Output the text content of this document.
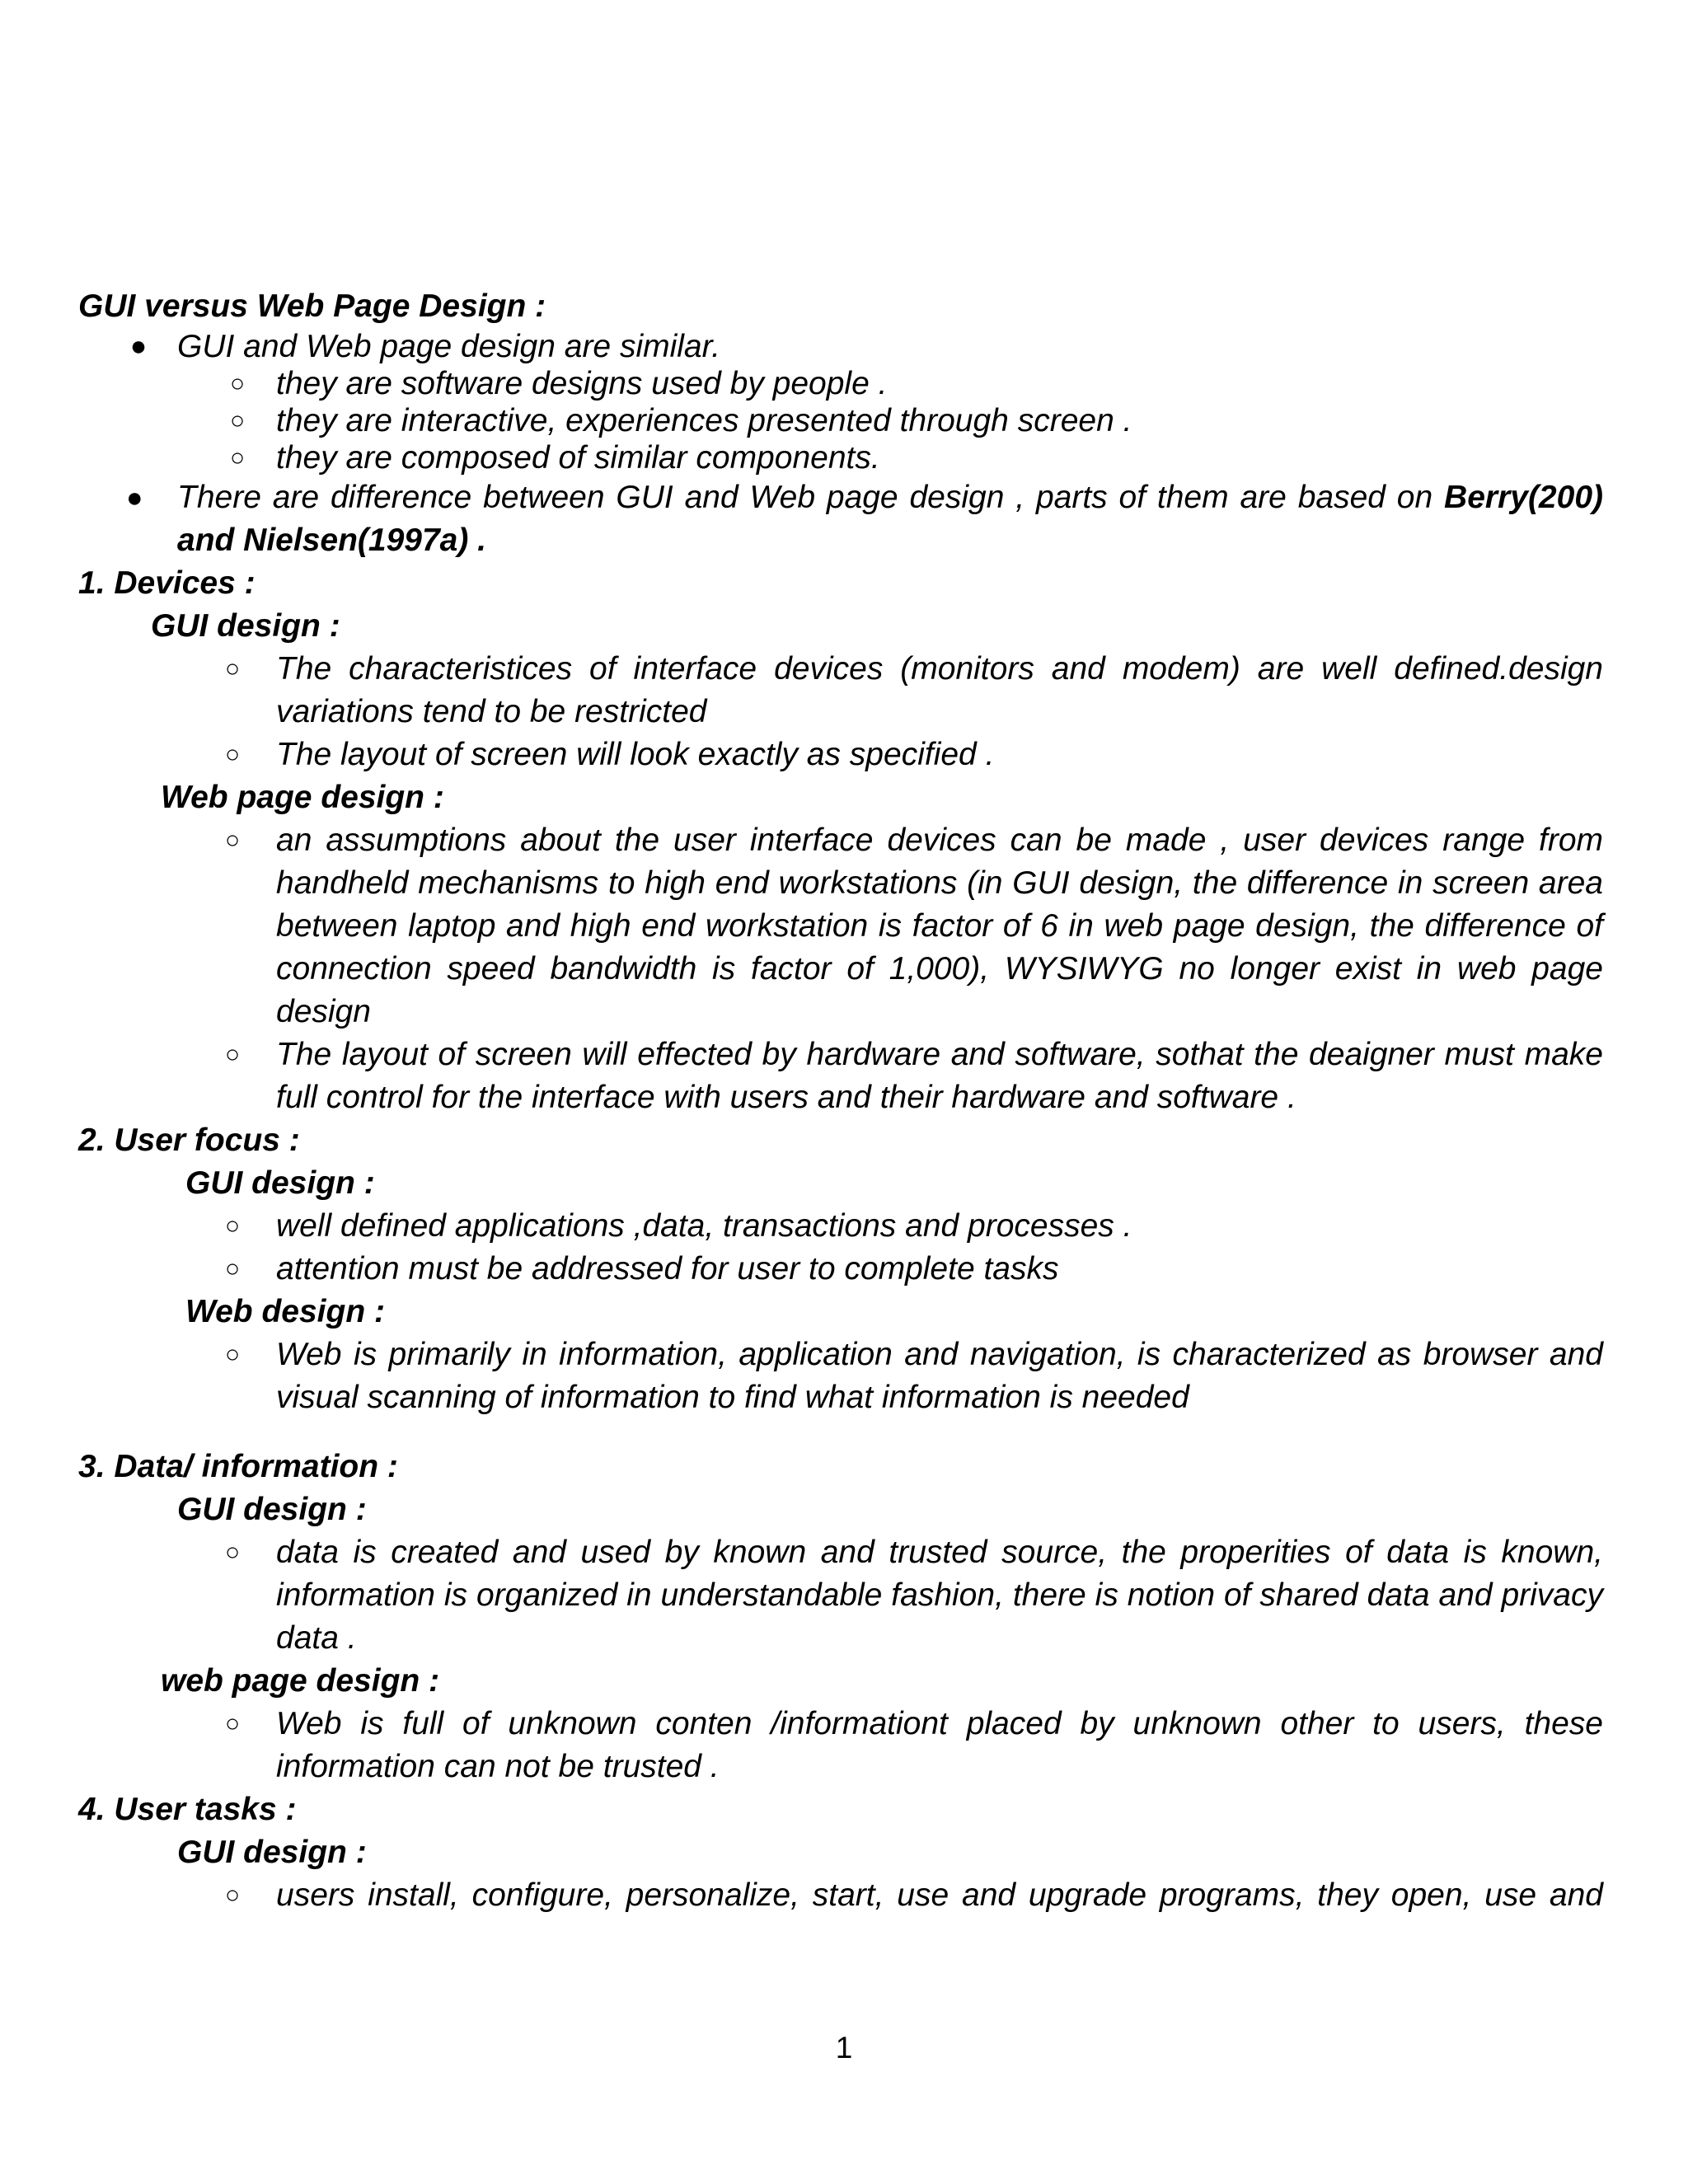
GUI versus Web Page Design :
● GUI and Web page design are similar.
○ they are software designs used by people .
○ they are interactive, experiences presented through screen .
○ they are composed of similar components.
● There are difference between GUI and Web page design , parts of them are based on Berry(200) and Nielsen(1997a) .
1. Devices :
GUI design :
○	The characteristices of interface devices (monitors and modem) are well defined.design variations tend to be restricted
○	The layout of screen will look exactly as specified .
Web page design :
○	an assumptions about the user interface devices can be made , user devices range from handheld mechanisms to high end workstations (in GUI design, the difference in screen area between laptop and high end workstation is factor of 6 in web page design, the difference of connection speed bandwidth is factor of 1,000), WYSIWYG no longer exist in web page design
○	The layout of screen will effected by hardware and software, sothat the deaigner must make full control for the interface with users and their hardware and software .
2. User focus :
GUI design :
○	well defined applications ,data, transactions and processes .
○	attention must be addressed for user to complete tasks
Web design :
○	Web is primarily in information, application and navigation, is characterized as browser and visual scanning of information to find what information is needed
3. Data/ information :
GUI design :
○	data is created and used by known and trusted source, the properities of data is known, information is organized in understandable fashion, there is notion of shared data and privacy data .
web page design :
○	Web is full of unknown conten /informationt placed by unknown other to users, these information can not be trusted .
4. User tasks :
GUI design :
○	users install, configure, personalize, start, use and upgrade programs, they open, use and
1
